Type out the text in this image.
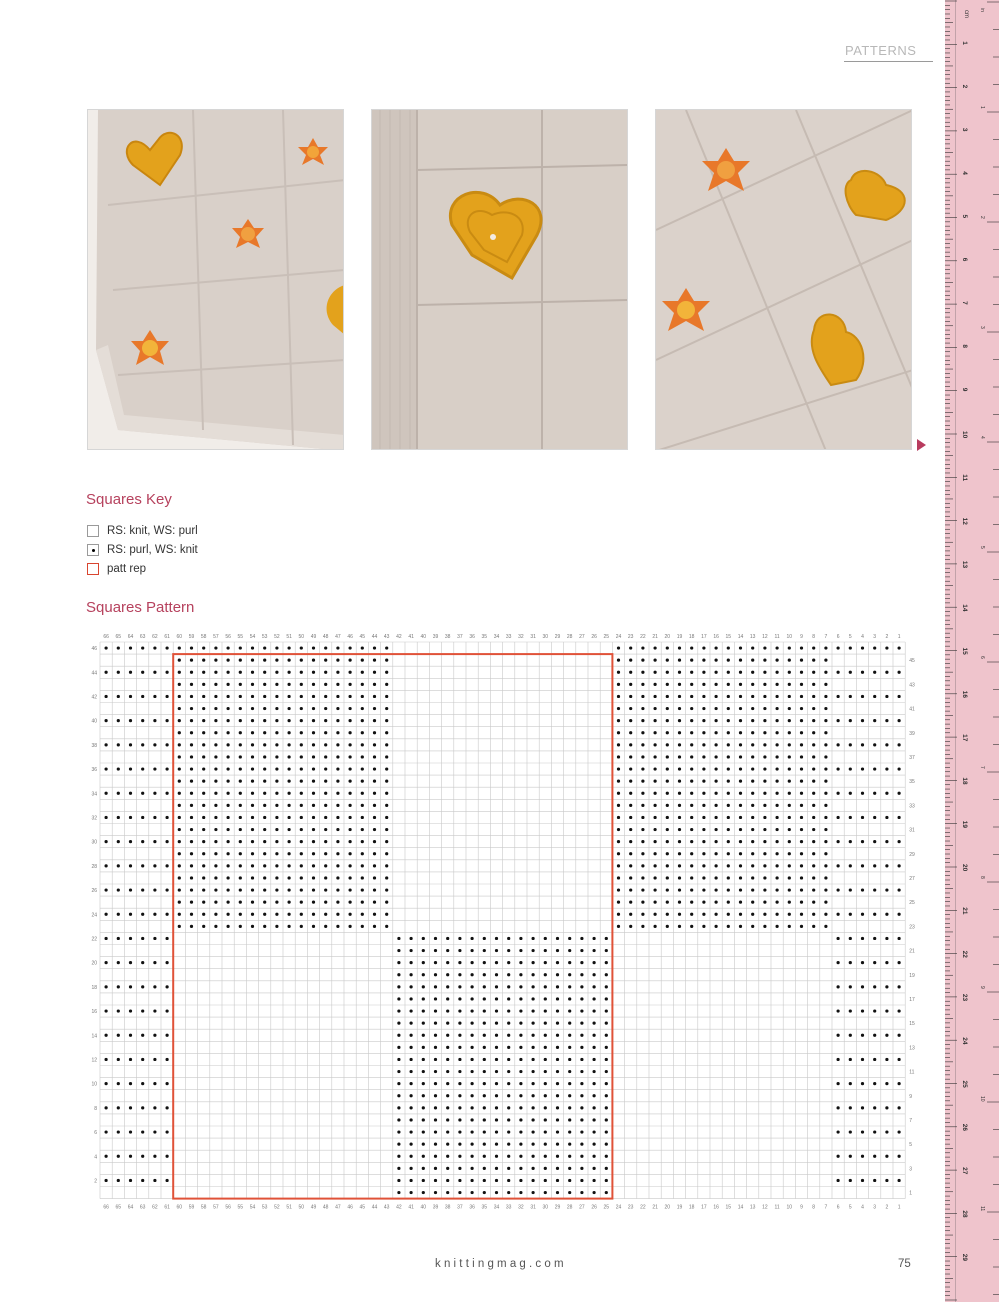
PATTERNS
Squares Key
RS: knit, WS: purl
RS: purl, WS: knit
patt rep
Squares Pattern
1
1
2
2
3
3
4
4
5
5
6
6
7
7
8
8
9
9
10
10
11
11
12
12
13
13
14
14
15
15
16
16
17
17
18
18
19
19
20
20
21
21
22
22
23
23
24
24
25
25
26
26
27
27
28
28
29
29
30
30
31
31
32
32
33
33
34
34
35
35
36
36
37
37
38
38
39
39
40
40
41
41
42
42
43
43
44
44
45
45
46
46
47
47
48
48
49
49
50
50
51
51
52
52
53
53
54
54
55
55
56
56
57
57
58
58
59
59
60
60
61
61
62
62
63
63
64
64
65
65
66
66
2
4
6
8
10
12
14
16
18
20
22
24
26
28
30
32
34
36
38
40
42
44
46
1
3
5
7
9
11
13
15
17
19
21
23
25
27
29
31
33
35
37
39
41
43
45
knittingmag.com	75
cm
1
2
3
4
5
6
7
8
9
10
11
12
13
14
15
16
17
18
19
20
21
22
23
24
25
26
27
28
29
in
1
2
3
4
5
6
7
8
9
10
11
